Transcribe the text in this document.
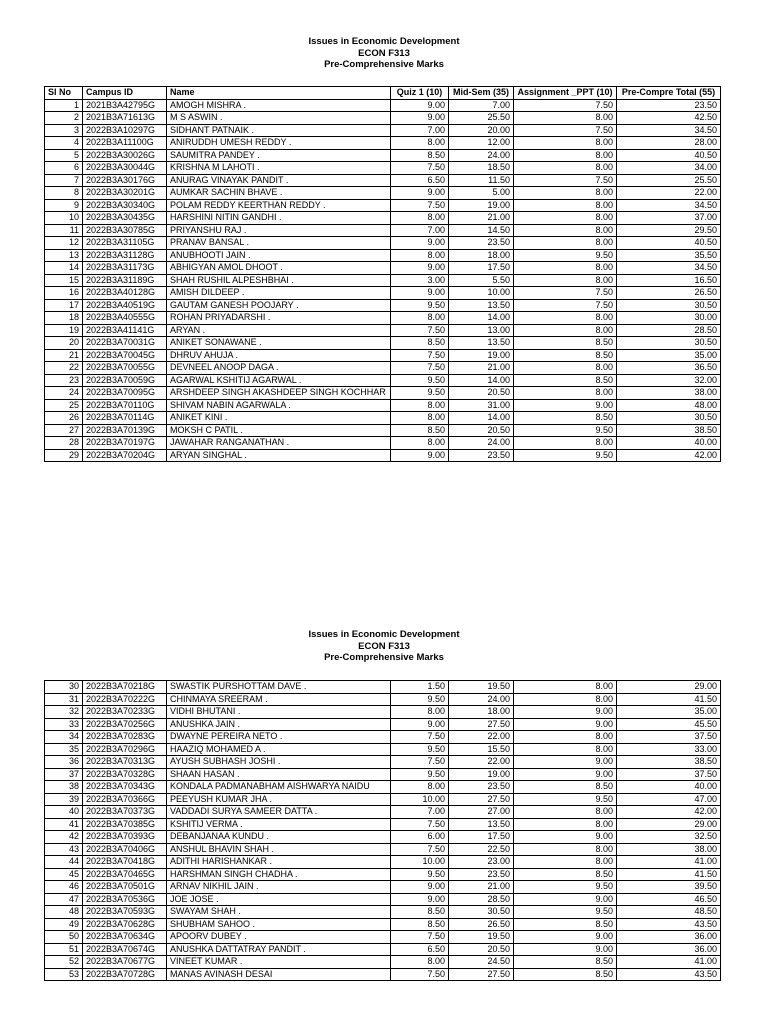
Issues in Economic Development
ECON F313
Pre-Comprehensive Marks
Sl No	Campus ID	Name	Quiz 1 (10)	Mid-Sem (35)	Assignment _PPT (10)	Pre-Compre Total (55)
1	2021B3A42795G	AMOGH MISHRA .	9.00	7.00	7.50	23.50
2	2021B3A71613G	M S ASWIN .	9.00	25.50	8.00	42.50
3	2022B3A10297G	SIDHANT PATNAIK .	7.00	20.00	7.50	34.50
4	2022B3A11100G	ANIRUDDH UMESH REDDY .	8.00	12.00	8.00	28.00
5	2022B3A30026G	SAUMITRA PANDEY .	8.50	24.00	8.00	40.50
6	2022B3A30044G	KRISHNA M LAHOTI .	7.50	18.50	8.00	34.00
7	2022B3A30176G	ANURAG VINAYAK PANDIT .	6.50	11.50	7.50	25.50
8	2022B3A30201G	AUMKAR SACHIN BHAVE .	9.00	5.00	8.00	22.00
9	2022B3A30340G	POLAM REDDY KEERTHAN REDDY .	7.50	19.00	8.00	34.50
10	2022B3A30435G	HARSHINI NITIN GANDHI .	8.00	21.00	8.00	37.00
11	2022B3A30785G	PRIYANSHU RAJ .	7.00	14.50	8.00	29.50
12	2022B3A31105G	PRANAV BANSAL .	9.00	23.50	8.00	40.50
13	2022B3A31128G	ANUBHOOTI JAIN .	8.00	18.00	9.50	35.50
14	2022B3A31173G	ABHIGYAN AMOL DHOOT .	9.00	17.50	8.00	34.50
15	2022B3A31189G	SHAH RUSHIL ALPESHBHAI .	3.00	5.50	8.00	16.50
16	2022B3A40128G	AMISH DILDEEP .	9.00	10.00	7.50	26.50
17	2022B3A40519G	GAUTAM GANESH POOJARY .	9.50	13.50	7.50	30.50
18	2022B3A40555G	ROHAN PRIYADARSHI .	8.00	14.00	8.00	30.00
19	2022B3A41141G	ARYAN .	7.50	13.00	8.00	28.50
20	2022B3A70031G	ANIKET SONAWANE .	8.50	13.50	8.50	30.50
21	2022B3A70045G	DHRUV AHUJA .	7.50	19.00	8.50	35.00
22	2022B3A70055G	DEVNEEL ANOOP DAGA .	7.50	21.00	8.00	36.50
23	2022B3A70059G	AGARWAL KSHITIJ AGARWAL .	9.50	14.00	8.50	32.00
24	2022B3A70095G	ARSHDEEP SINGH AKASHDEEP SINGH KOCHHAR	9.50	20.50	8.00	38.00
25	2022B3A70110G	SHIVAM NABIN AGARWALA .	8.00	31.00	9.00	48.00
26	2022B3A70114G	ANIKET KINI .	8.00	14.00	8.50	30.50
27	2022B3A70139G	MOKSH C PATIL .	8.50	20.50	9.50	38.50
28	2022B3A70197G	JAWAHAR RANGANATHAN .	8.00	24.00	8.00	40.00
29	2022B3A70204G	ARYAN SINGHAL .	9.00	23.50	9.50	42.00
Issues in Economic Development
ECON F313
Pre-Comprehensive Marks
30	2022B3A70218G	SWASTIK PURSHOTTAM DAVE .	1.50	19.50	8.00	29.00
31	2022B3A70222G	CHINMAYA SREERAM .	9.50	24.00	8.00	41.50
32	2022B3A70233G	VIDHI BHUTANI .	8.00	18.00	9.00	35.00
33	2022B3A70256G	ANUSHKA JAIN .	9.00	27.50	9.00	45.50
34	2022B3A70283G	DWAYNE PEREIRA NETO .	7.50	22.00	8.00	37.50
35	2022B3A70296G	HAAZIQ MOHAMED A .	9.50	15.50	8.00	33.00
36	2022B3A70313G	AYUSH SUBHASH JOSHI .	7.50	22.00	9.00	38.50
37	2022B3A70328G	SHAAN HASAN .	9.50	19.00	9.00	37.50
38	2022B3A70343G	KONDALA PADMANABHAM AISHWARYA NAIDU	8.00	23.50	8.50	40.00
39	2022B3A70366G	PEEYUSH KUMAR JHA .	10.00	27.50	9.50	47.00
40	2022B3A70373G	VADDADI SURYA SAMEER DATTA .	7.00	27.00	8.00	42.00
41	2022B3A70385G	KSHITIJ VERMA .	7.50	13.50	8.00	29.00
42	2022B3A70393G	DEBANJANAA KUNDU .	6.00	17.50	9.00	32.50
43	2022B3A70406G	ANSHUL BHAVIN SHAH .	7.50	22.50	8.00	38.00
44	2022B3A70418G	ADITHI HARISHANKAR .	10.00	23.00	8.00	41.00
45	2022B3A70465G	HARSHMAN SINGH CHADHA .	9.50	23.50	8.50	41.50
46	2022B3A70501G	ARNAV NIKHIL JAIN .	9.00	21.00	9.50	39.50
47	2022B3A70536G	JOE JOSE .	9.00	28.50	9.00	46.50
48	2022B3A70593G	SWAYAM SHAH .	8.50	30.50	9.50	48.50
49	2022B3A70628G	SHUBHAM SAHOO .	8.50	26.50	8.50	43.50
50	2022B3A70634G	APOORV DUBEY .	7.50	19.50	9.00	36.00
51	2022B3A70674G	ANUSHKA DATTATRAY PANDIT .	6.50	20.50	9.00	36.00
52	2022B3A70677G	VINEET KUMAR .	8.00	24.50	8.50	41.00
53	2022B3A70728G	MANAS AVINASH DESAI	7.50	27.50	8.50	43.50
